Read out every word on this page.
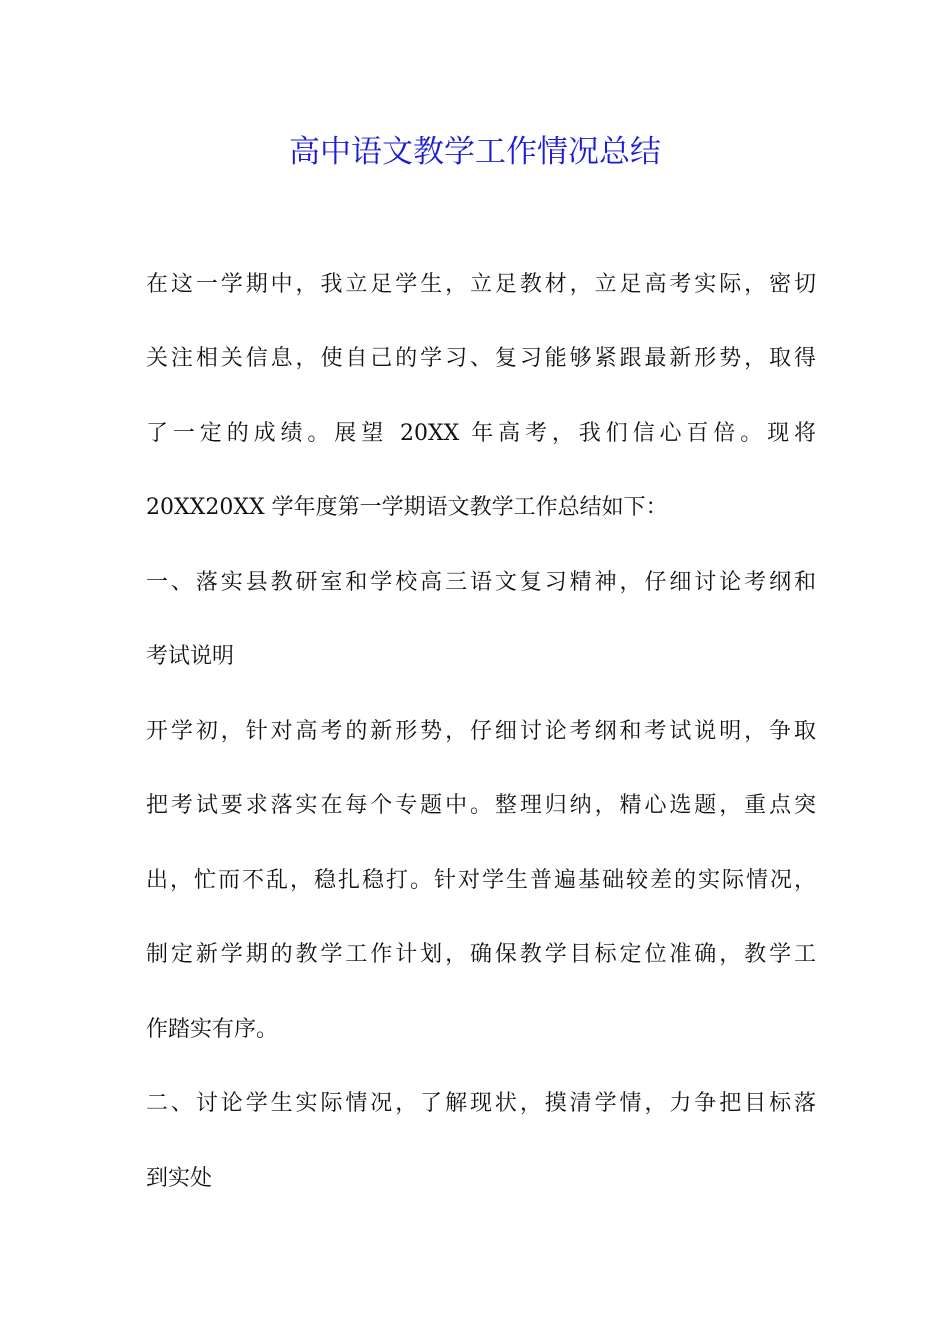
高中语文教学工作情况总结
在这一学期中，我立足学生，立足教材，立足高考实际，密切
关注相关信息，使自己的学习、复习能够紧跟最新形势，取得
了一定的成绩。展望 20XX 年高考，我们信心百倍。现将
20XX20XX 学年度第一学期语文教学工作总结如下：
一、落实县教研室和学校高三语文复习精神，仔细讨论考纲和
考试说明
开学初，针对高考的新形势，仔细讨论考纲和考试说明，争取
把考试要求落实在每个专题中。整理归纳，精心选题，重点突
出，忙而不乱，稳扎稳打。针对学生普遍基础较差的实际情况，
制定新学期的教学工作计划，确保教学目标定位准确，教学工
作踏实有序。
二、讨论学生实际情况，了解现状，摸清学情，力争把目标落
到实处
